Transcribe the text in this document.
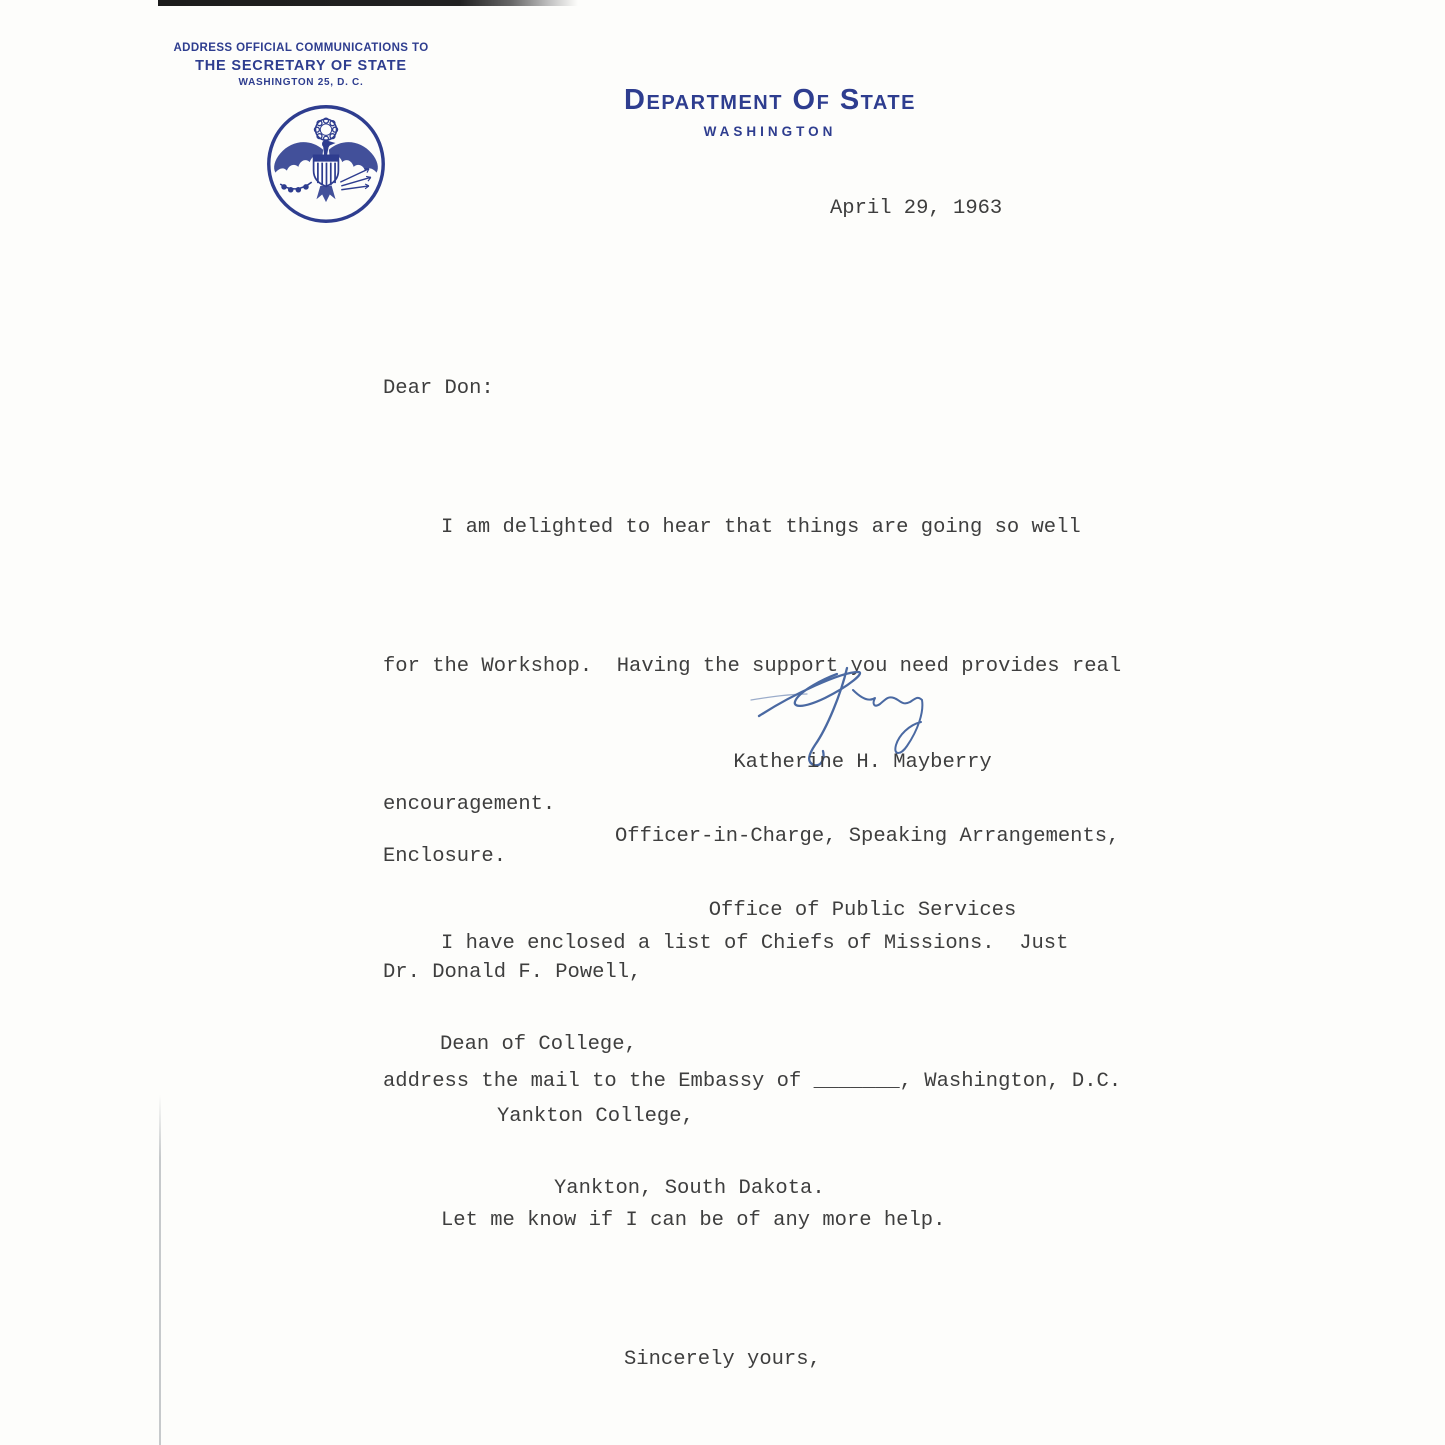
ADDRESS OFFICIAL COMMUNICATIONS TO
THE SECRETARY OF STATE
WASHINGTON 25, D. C.
Department Of State
WASHINGTON
April 29, 1963

Dear Don:

I am delighted to hear that things are going so well

for the Workshop.  Having the support you need provides real

encouragement.

I have enclosed a list of Chiefs of Missions.  Just

address the mail to the Embassy of _______, Washington, D.C.

Let me know if I can be of any more help.

Sincerely yours,

Katherine H. Mayberry

Officer-in-Charge, Speaking Arrangements,

Office of Public Services

Enclosure.

Dr. Donald F. Powell,

Dean of College,

Yankton College,

Yankton, South Dakota.
